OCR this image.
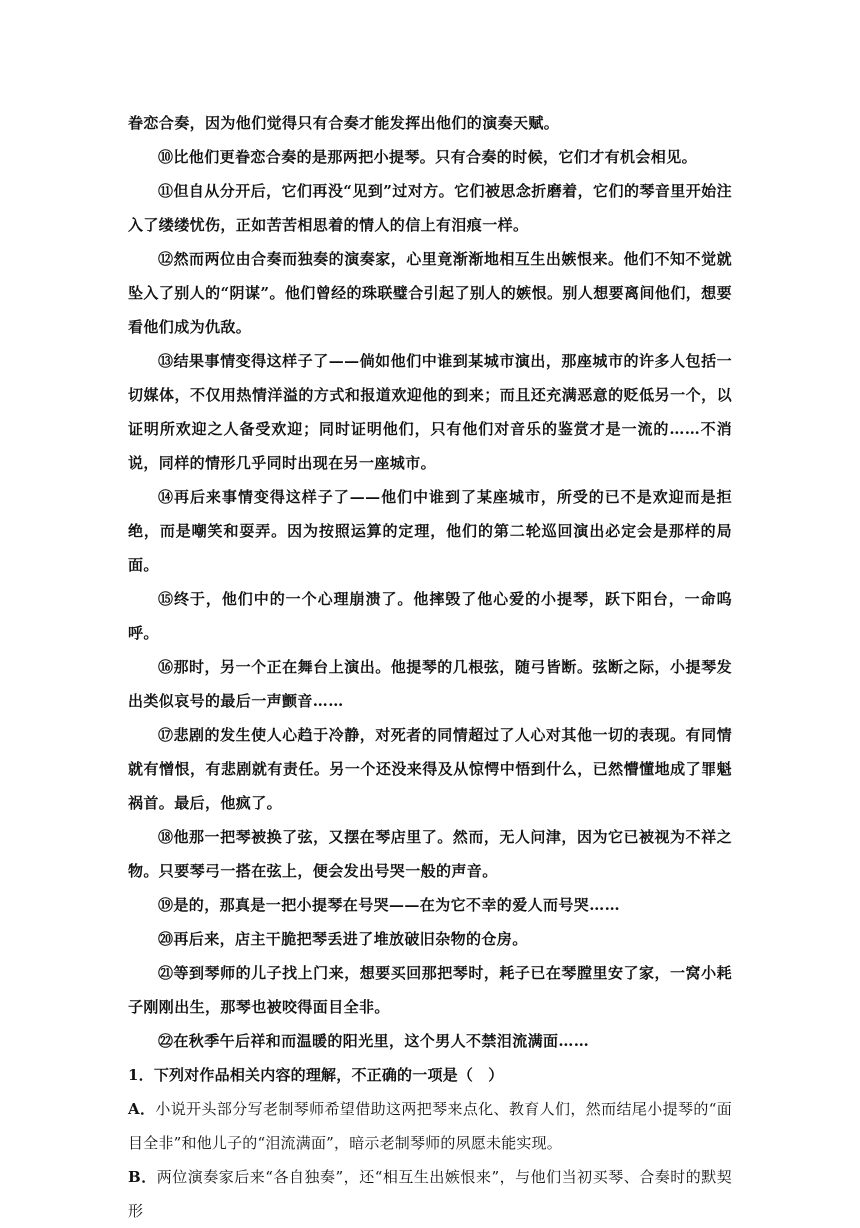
眷恋合奏，因为他们觉得只有合奏才能发挥出他们的演奏天赋。

⑩比他们更眷恋合奏的是那两把小提琴。只有合奏的时候，它们才有机会相见。

⑪但自从分开后，它们再没“见到”过对方。它们被思念折磨着，它们的琴音里开始注入了缕缕忧伤，正如苦苦相思着的情人的信上有泪痕一样。

⑫然而两位由合奏而独奏的演奏家，心里竟渐渐地相互生出嫉恨来。他们不知不觉就坠入了别人的“阴谋”。他们曾经的珠联璧合引起了别人的嫉恨。别人想要离间他们，想要看他们成为仇敌。

⑬结果事情变得这样子了——倘如他们中谁到某城市演出，那座城市的许多人包括一切媒体，不仅用热情洋溢的方式和报道欢迎他的到来；而且还充满恶意的贬低另一个，以证明所欢迎之人备受欢迎；同时证明他们，只有他们对音乐的鉴赏才是一流的……不消说，同样的情形几乎同时出现在另一座城市。

⑭再后来事情变得这样子了——他们中谁到了某座城市，所受的已不是欢迎而是拒绝，而是嘲笑和耍弄。因为按照运算的定理，他们的第二轮巡回演出必定会是那样的局面。

⑮终于，他们中的一个心理崩溃了。他摔毁了他心爱的小提琴，跃下阳台，一命呜呼。

⑯那时，另一个正在舞台上演出。他提琴的几根弦，随弓皆断。弦断之际，小提琴发出类似哀号的最后一声颤音……

⑰悲剧的发生使人心趋于冷静，对死者的同情超过了人心对其他一切的表现。有同情就有憎恨，有悲剧就有责任。另一个还没来得及从惊愕中悟到什么，已然懵懂地成了罪魁祸首。最后，他疯了。

⑱他那一把琴被换了弦，又摆在琴店里了。然而，无人问津，因为它已被视为不祥之物。只要琴弓一搭在弦上，便会发出号哭一般的声音。

⑲是的，那真是一把小提琴在号哭——在为它不幸的爱人而号哭……

⑳再后来，店主干脆把琴丢进了堆放破旧杂物的仓房。

㉑等到琴师的儿子找上门来，想要买回那把琴时，耗子已在琴膛里安了家，一窝小耗子刚刚出生，那琴也被咬得面目全非。

㉒在秋季午后祥和而温暖的阳光里，这个男人不禁泪流满面……

1．下列对作品相关内容的理解，不正确的一项是（　）

A．小说开头部分写老制琴师希望借助这两把琴来点化、教育人们，然而结尾小提琴的“面目全非”和他儿子的“泪流满面”，暗示老制琴师的夙愿未能实现。

B．两位演奏家后来“各自独奏”，还“相互生出嫉恨来”，与他们当初买琴、合奏时的默契形
